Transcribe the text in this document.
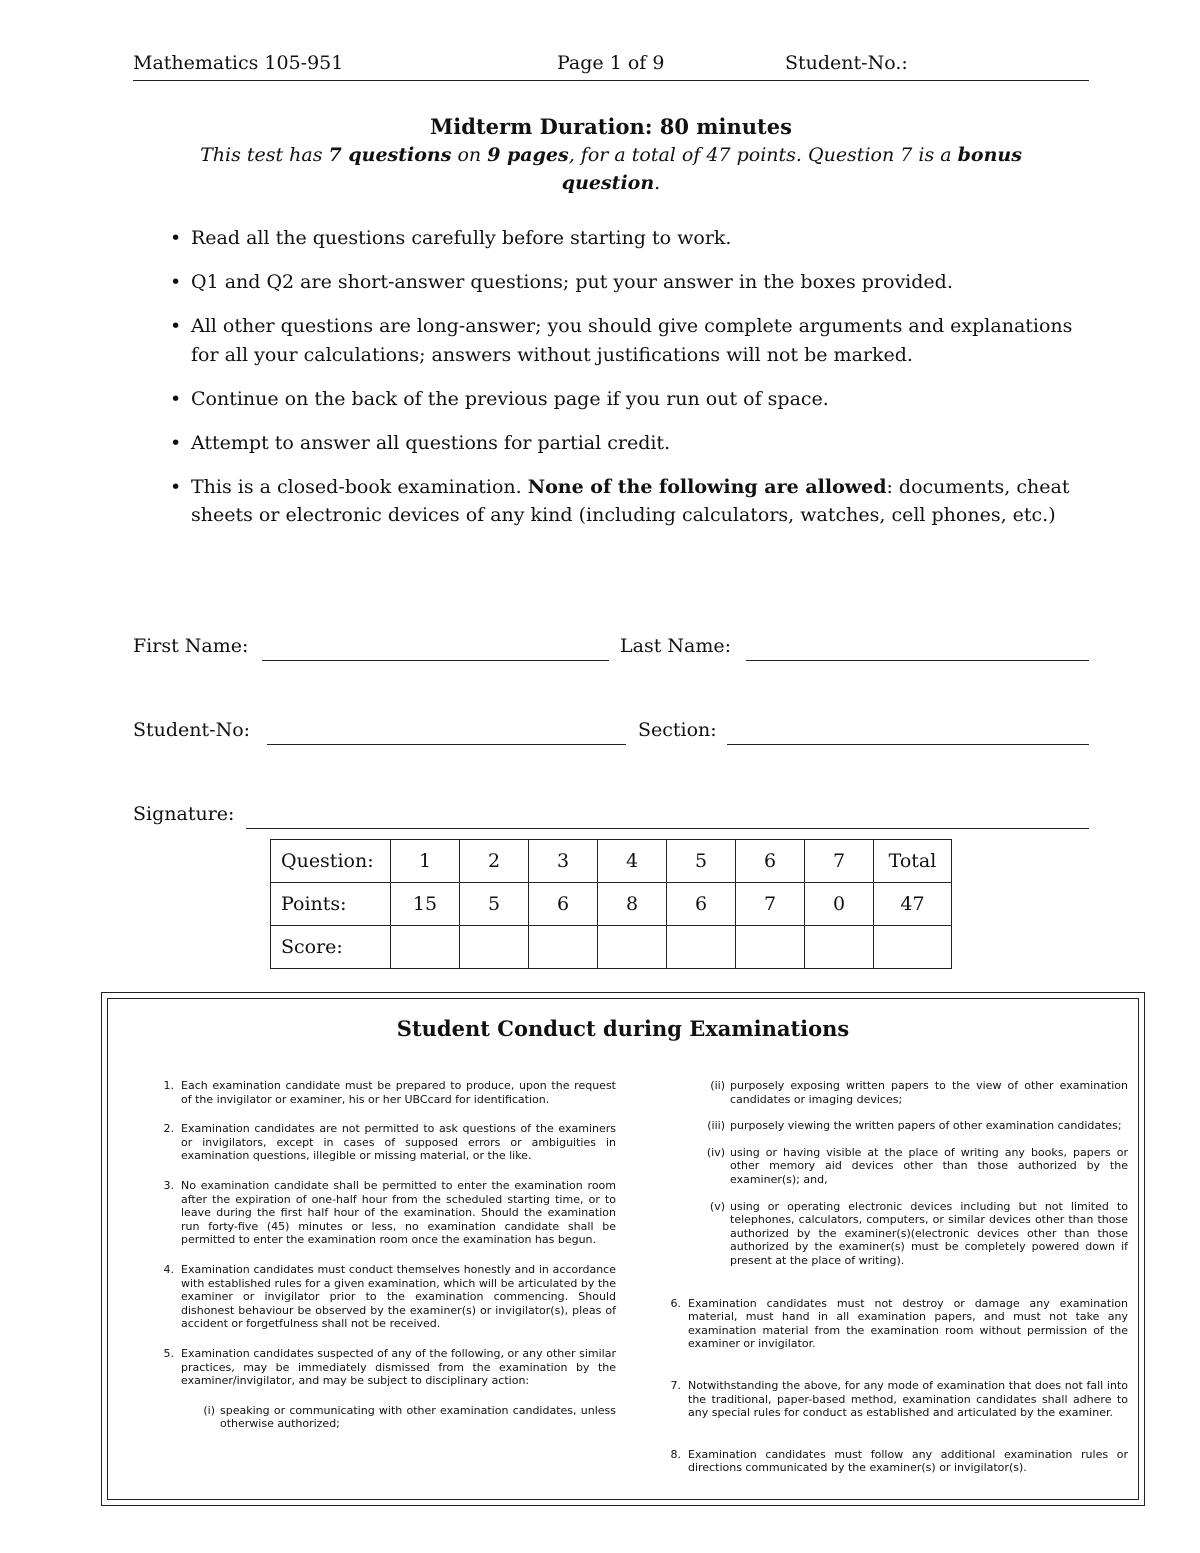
Mathematics 105-951	Page 1 of 9	Student-No.:
Midterm Duration: 80 minutes
This test has 7 questions on 9 pages, for a total of 47 points. Question 7 is a bonus question.
• Read all the questions carefully before starting to work.
• Q1 and Q2 are short-answer questions; put your answer in the boxes provided.
• All other questions are long-answer; you should give complete arguments and explanations for all your calculations; answers without justifications will not be marked.
• Continue on the back of the previous page if you run out of space.
• Attempt to answer all questions for partial credit.
• This is a closed-book examination. None of the following are allowed: documents, cheat sheets or electronic devices of any kind (including calculators, watches, cell phones, etc.)
First Name:	Last Name:
Student-No:	Section:
Signature:
Question:	1	2	3	4	5	6	7	Total
Points:	15	5	6	8	6	7	0	47
Score:								
Student Conduct during Examinations
1. Each examination candidate must be prepared to produce, upon the request of the invigilator or examiner, his or her UBCcard for identification.
2. Examination candidates are not permitted to ask questions of the examiners or invigilators, except in cases of supposed errors or ambiguities in examination questions, illegible or missing material, or the like.
3. No examination candidate shall be permitted to enter the examination room after the expiration of one-half hour from the scheduled starting time, or to leave during the first half hour of the examination. Should the examination run forty-five (45) minutes or less, no examination candidate shall be permitted to enter the examination room once the examination has begun.
4. Examination candidates must conduct themselves honestly and in accordance with established rules for a given examination, which will be articulated by the examiner or invigilator prior to the examination commencing. Should dishonest behaviour be observed by the examiner(s) or invigilator(s), pleas of accident or forgetfulness shall not be received.
5. Examination candidates suspected of any of the following, or any other similar practices, may be immediately dismissed from the examination by the examiner/invigilator, and may be subject to disciplinary action:
(i) speaking or communicating with other examination candidates, unless otherwise authorized;
(ii) purposely exposing written papers to the view of other examination candidates or imaging devices;
(iii) purposely viewing the written papers of other examination candidates;
(iv) using or having visible at the place of writing any books, papers or other memory aid devices other than those authorized by the examiner(s); and,
(v) using or operating electronic devices including but not limited to telephones, calculators, computers, or similar devices other than those authorized by the examiner(s)(electronic devices other than those authorized by the examiner(s) must be completely powered down if present at the place of writing).
6. Examination candidates must not destroy or damage any examination material, must hand in all examination papers, and must not take any examination material from the examination room without permission of the examiner or invigilator.
7. Notwithstanding the above, for any mode of examination that does not fall into the traditional, paper-based method, examination candidates shall adhere to any special rules for conduct as established and articulated by the examiner.
8. Examination candidates must follow any additional examination rules or directions communicated by the examiner(s) or invigilator(s).
